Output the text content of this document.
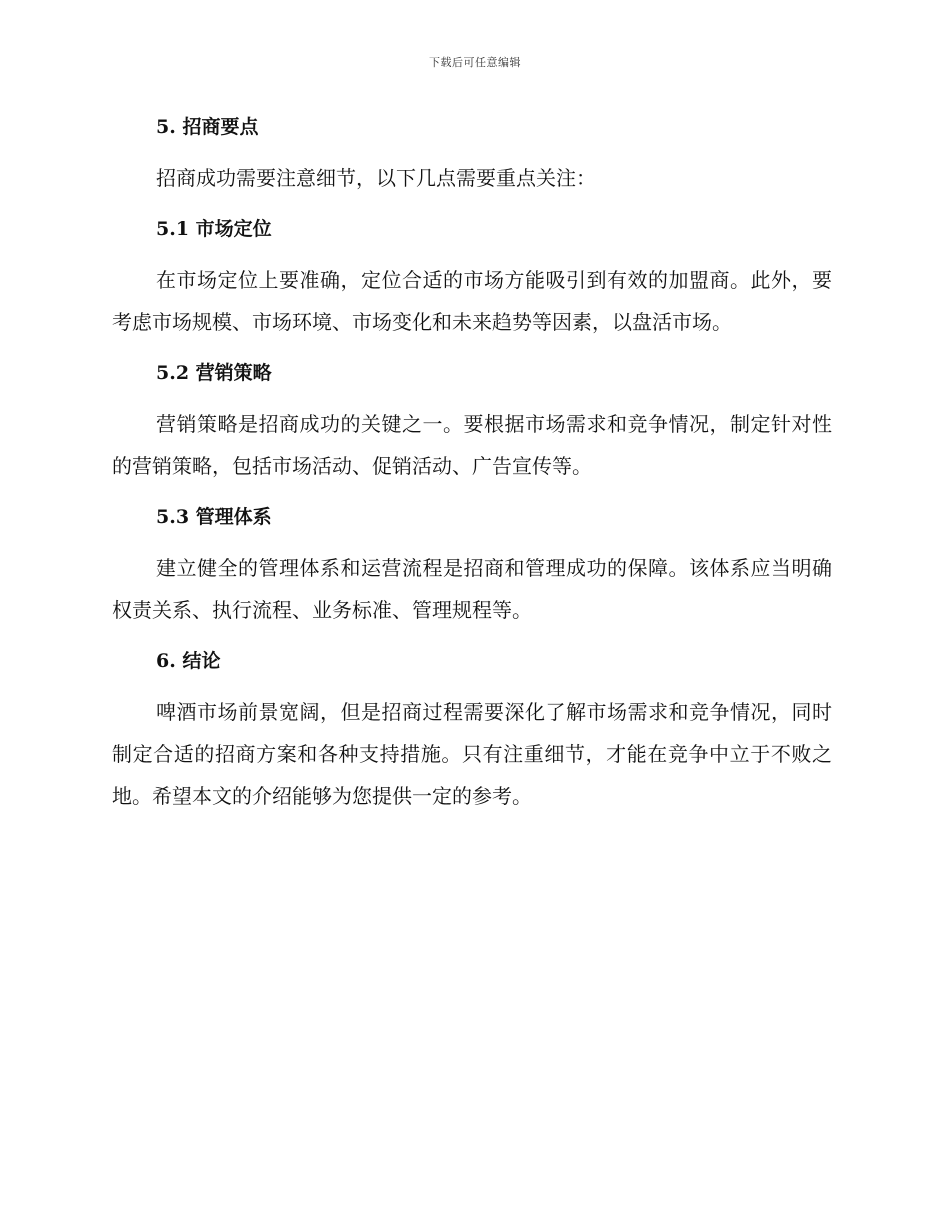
下载后可任意编辑
5. 招商要点

招商成功需要注意细节，以下几点需要重点关注：

5.1 市场定位

在市场定位上要准确，定位合适的市场方能吸引到有效的加盟商。此外，要考虑市场规模、市场环境、市场变化和未来趋势等因素，以盘活市场。

5.2 营销策略

营销策略是招商成功的关键之一。要根据市场需求和竞争情况，制定针对性的营销策略，包括市场活动、促销活动、广告宣传等。

5.3 管理体系

建立健全的管理体系和运营流程是招商和管理成功的保障。该体系应当明确权责关系、执行流程、业务标准、管理规程等。

6. 结论

啤酒市场前景宽阔，但是招商过程需要深化了解市场需求和竞争情况，同时制定合适的招商方案和各种支持措施。只有注重细节，才能在竞争中立于不败之地。希望本文的介绍能够为您提供一定的参考。
